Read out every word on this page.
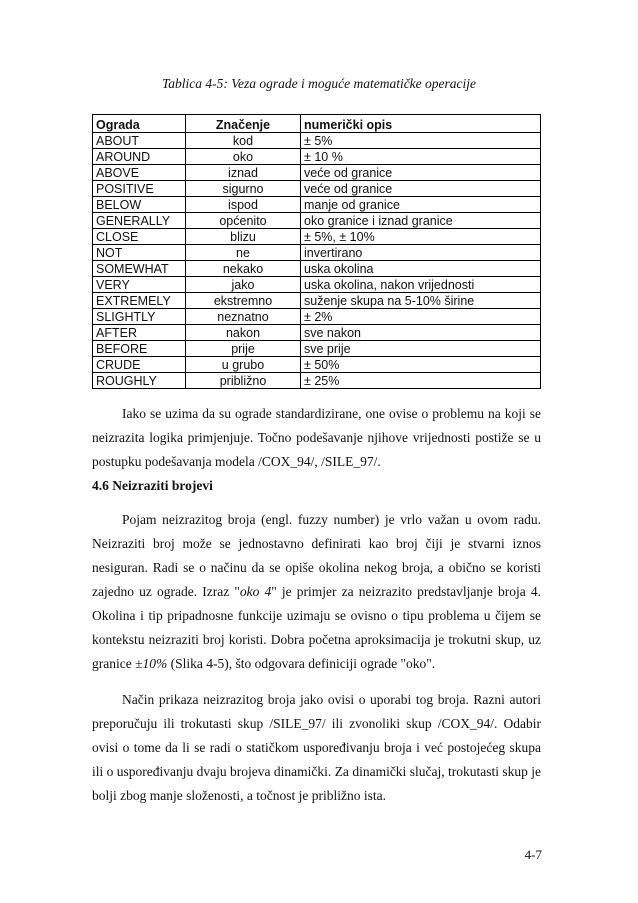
Tablica 4-5: Veza ograde i moguće matematičke operacije
Ograda	Značenje	numerički opis
ABOUT	kod	± 5%
AROUND	oko	± 10 %
ABOVE	iznad	veće od granice
POSITIVE	sigurno	veće od granice
BELOW	ispod	manje od granice
GENERALLY	općenito	oko granice i iznad granice
CLOSE	blizu	± 5%, ± 10%
NOT	ne	invertirano
SOMEWHAT	nekako	uska okolina
VERY	jako	uska okolina, nakon vrijednosti
EXTREMELY	ekstremno	suženje skupa na 5-10% širine
SLIGHTLY	neznatno	± 2%
AFTER	nakon	sve nakon
BEFORE	prije	sve prije
CRUDE	u grubo	± 50%
ROUGHLY	približno	± 25%

Iako se uzima da su ograde standardizirane, one ovise o problemu na koji se neizrazita logika primjenjuje. Točno podešavanje njihove vrijednosti postiže se u postupku podešavanja modela /COX_94/, /SILE_97/.

4.6 Neizraziti brojevi

Pojam neizrazitog broja (engl. fuzzy number) je vrlo važan u ovom radu. Neizraziti broj može se jednostavno definirati kao broj čiji je stvarni iznos nesiguran. Radi se o načinu da se opiše okolina nekog broja, a obično se koristi zajedno uz ograde. Izraz "oko 4" je primjer za neizrazito predstavljanje broja 4. Okolina i tip pripadnosne funkcije uzimaju se ovisno o tipu problema u čijem se kontekstu neizraziti broj koristi. Dobra početna aproksimacija je trokutni skup, uz granice ±10% (Slika 4-5), što odgovara definiciji ograde "oko".

Način prikaza neizrazitog broja jako ovisi o uporabi tog broja. Razni autori preporučuju ili trokutasti skup /SILE_97/ ili zvonoliki skup /COX_94/. Odabir ovisi o tome da li se radi o statičkom uspoređivanju broja i već postojećeg skupa ili o uspoređivanju dvaju brojeva dinamički. Za dinamički slučaj, trokutasti skup je bolji zbog manje složenosti, a točnost je približno ista.

4-7
